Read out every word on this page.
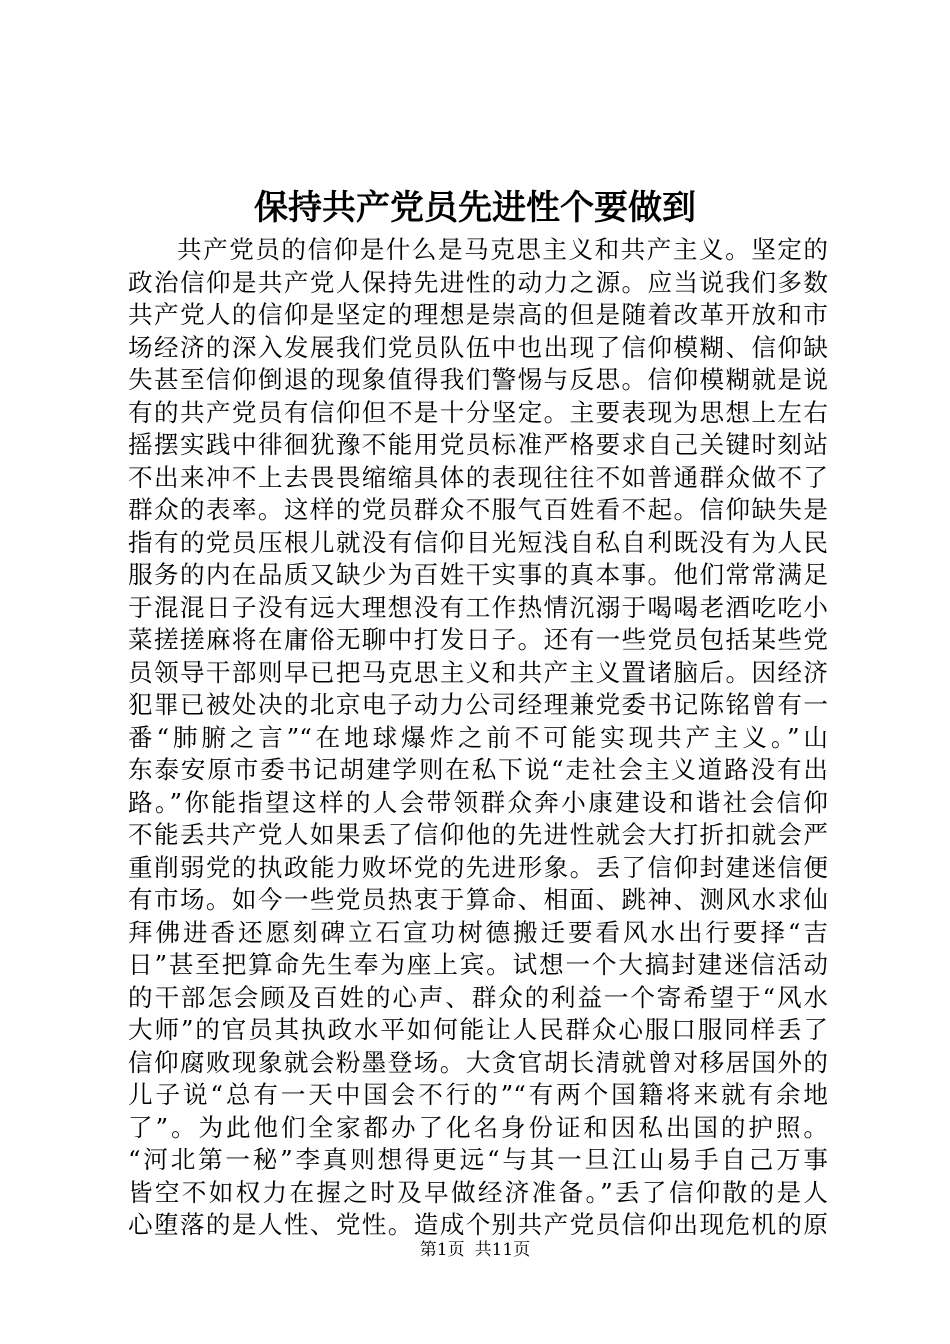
保持共产党员先进性个要做到
共产党员的信仰是什么是马克思主义和共产主义。坚定的
政治信仰是共产党人保持先进性的动力之源。应当说我们多数
共产党人的信仰是坚定的理想是崇高的但是随着改革开放和市
场经济的深入发展我们党员队伍中也出现了信仰模糊、信仰缺
失甚至信仰倒退的现象值得我们警惕与反思。信仰模糊就是说
有的共产党员有信仰但不是十分坚定。主要表现为思想上左右
摇摆实践中徘徊犹豫不能用党员标准严格要求自己关键时刻站
不出来冲不上去畏畏缩缩具体的表现往往不如普通群众做不了
群众的表率。这样的党员群众不服气百姓看不起。信仰缺失是
指有的党员压根儿就没有信仰目光短浅自私自利既没有为人民
服务的内在品质又缺少为百姓干实事的真本事。他们常常满足
于混混日子没有远大理想没有工作热情沉溺于喝喝老酒吃吃小
菜搓搓麻将在庸俗无聊中打发日子。还有一些党员包括某些党
员领导干部则早已把马克思主义和共产主义置诸脑后。因经济
犯罪已被处决的北京电子动力公司经理兼党委书记陈铭曾有一
番“肺腑之言”“在地球爆炸之前不可能实现共产主义。”山
东泰安原市委书记胡建学则在私下说“走社会主义道路没有出
路。”你能指望这样的人会带领群众奔小康建设和谐社会信仰
不能丢共产党人如果丢了信仰他的先进性就会大打折扣就会严
重削弱党的执政能力败坏党的先进形象。丢了信仰封建迷信便
有市场。如今一些党员热衷于算命、相面、跳神、测风水求仙
拜佛进香还愿刻碑立石宣功树德搬迁要看风水出行要择“吉
日”甚至把算命先生奉为座上宾。试想一个大搞封建迷信活动
的干部怎会顾及百姓的心声、群众的利益一个寄希望于“风水
大师”的官员其执政水平如何能让人民群众心服口服同样丢了
信仰腐败现象就会粉墨登场。大贪官胡长清就曾对移居国外的
儿子说“总有一天中国会不行的”“有两个国籍将来就有余地
了”。为此他们全家都办了化名身份证和因私出国的护照。
“河北第一秘”李真则想得更远“与其一旦江山易手自己万事
皆空不如权力在握之时及早做经济准备。”丢了信仰散的是人
心堕落的是人性、党性。造成个别共产党员信仰出现危机的原
第1页 共11页
